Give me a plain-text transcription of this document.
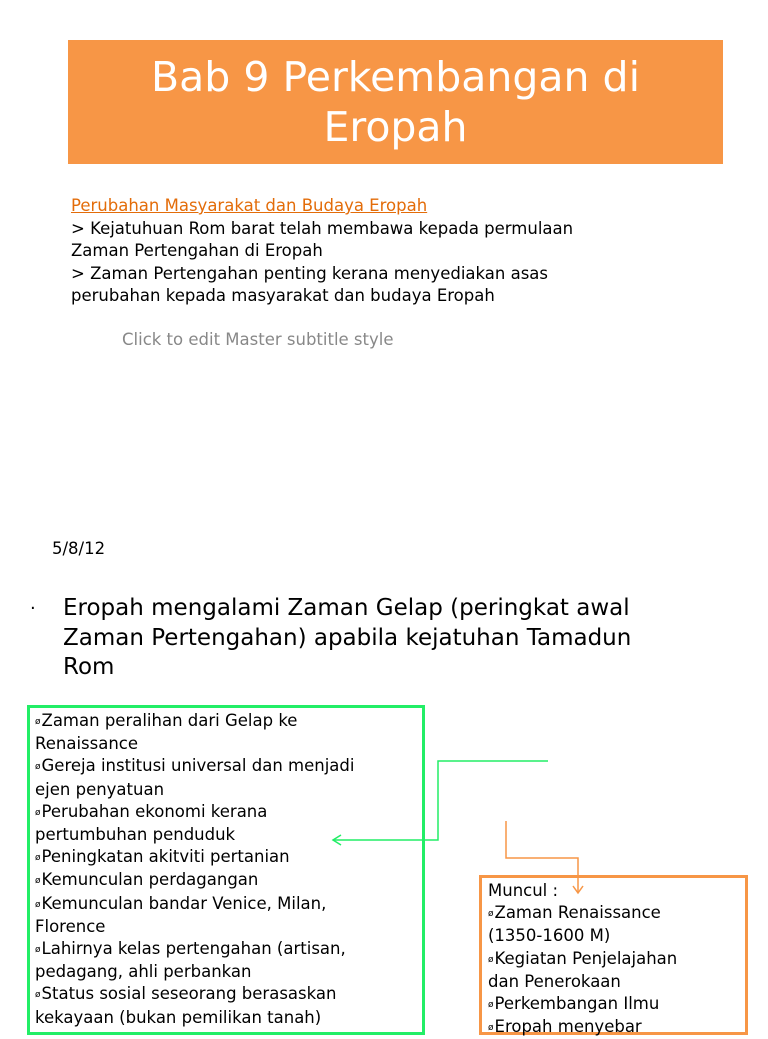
Bab 9 Perkembangan di
Eropah
Perubahan Masyarakat dan Budaya Eropah
> Kejatuhuan Rom barat telah membawa kepada permulaan
Zaman Pertengahan di Eropah
> Zaman Pertengahan penting kerana menyediakan asas
perubahan kepada masyarakat dan budaya Eropah
Click to edit Master subtitle style
5/8/12
· Eropah mengalami Zaman Gelap (peringkat awal
Zaman Pertengahan) apabila kejatuhan Tamadun
Rom
øZaman peralihan dari Gelap ke
Renaissance
øGereja institusi universal dan menjadi
ejen penyatuan
øPerubahan ekonomi kerana
pertumbuhan penduduk
øPeningkatan akitviti pertanian
øKemunculan perdagangan
øKemunculan bandar Venice, Milan,
Florence
øLahirnya kelas pertengahan (artisan,
pedagang, ahli perbankan
øStatus sosial seseorang berasaskan
kekayaan (bukan pemilikan tanah)
Muncul :
øZaman Renaissance
(1350-1600 M)
øKegiatan Penjelajahan
dan Penerokaan
øPerkembangan Ilmu
øEropah menyebar
